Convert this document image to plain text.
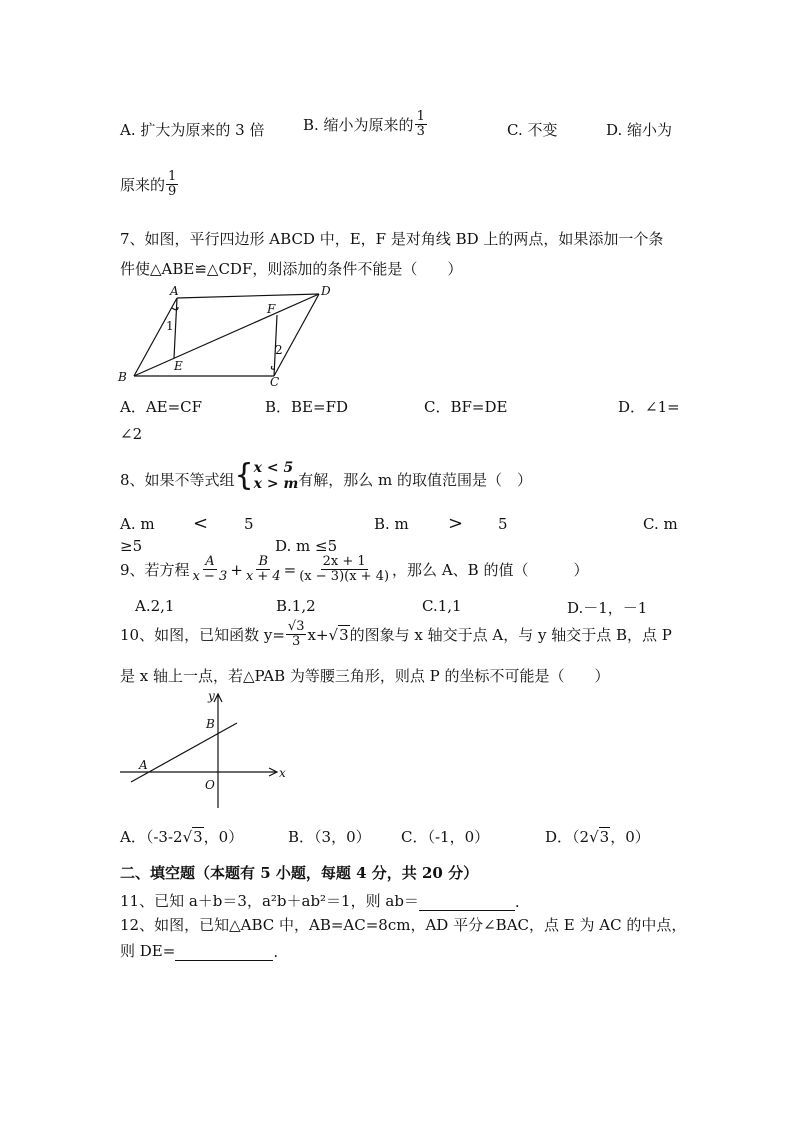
A. 扩大为原来的 3 倍	B. 缩小为原来的 $\frac{1}{3}$	C. 不变	D. 缩小为
原来的 $\frac{1}{9}$
7、如图，平行四边形 ABCD 中，E，F 是对角线 BD 上的两点，如果添加一个条
件使△ABE≌△CDF，则添加的条件不能是（　　）
A	D
B	C
E
F
1
2
A．AE=CF	B．BE=FD	C．BF=DE	D．∠1=
∠2
8、如果不等式组 { x < 5
x > m 有解，那么 m 的取值范围是（　）
A. m < 5	B. m > 5	C. m
≥5	D. m ≤5
9、若方程 $\frac{A}{x - 3} + \frac{B}{x + 4} = \frac{2x + 1}{(x - 3)(x + 4)}$ ，那么 A、B 的值（　　　）
A.2,1	B.1,2	C.1,1	D.－1，－1
10、如图，已知函数 $y= \frac{√3}{3} x+$ √ 3 的图象与 x 轴交于点 A，与 y 轴交于点 B，点 P
是 x 轴上一点，若△PAB 为等腰三角形，则点 P 的坐标不可能是（　　）
y
x
B
A
O
A．（-3-2√3，0）	B．（3，0） C．（-1，0）	D．（2√3，0）
二、填空题（本题有 5 小题，每题 4 分，共 20 分）
11、已知 a＋b＝3，a²b＋ab²＝1，则 ab＝	.
12、如图，已知△ABC 中，AB=AC=8cm，AD 平分∠BAC，点 E 为 AC 的中点，
则 DE=	.
